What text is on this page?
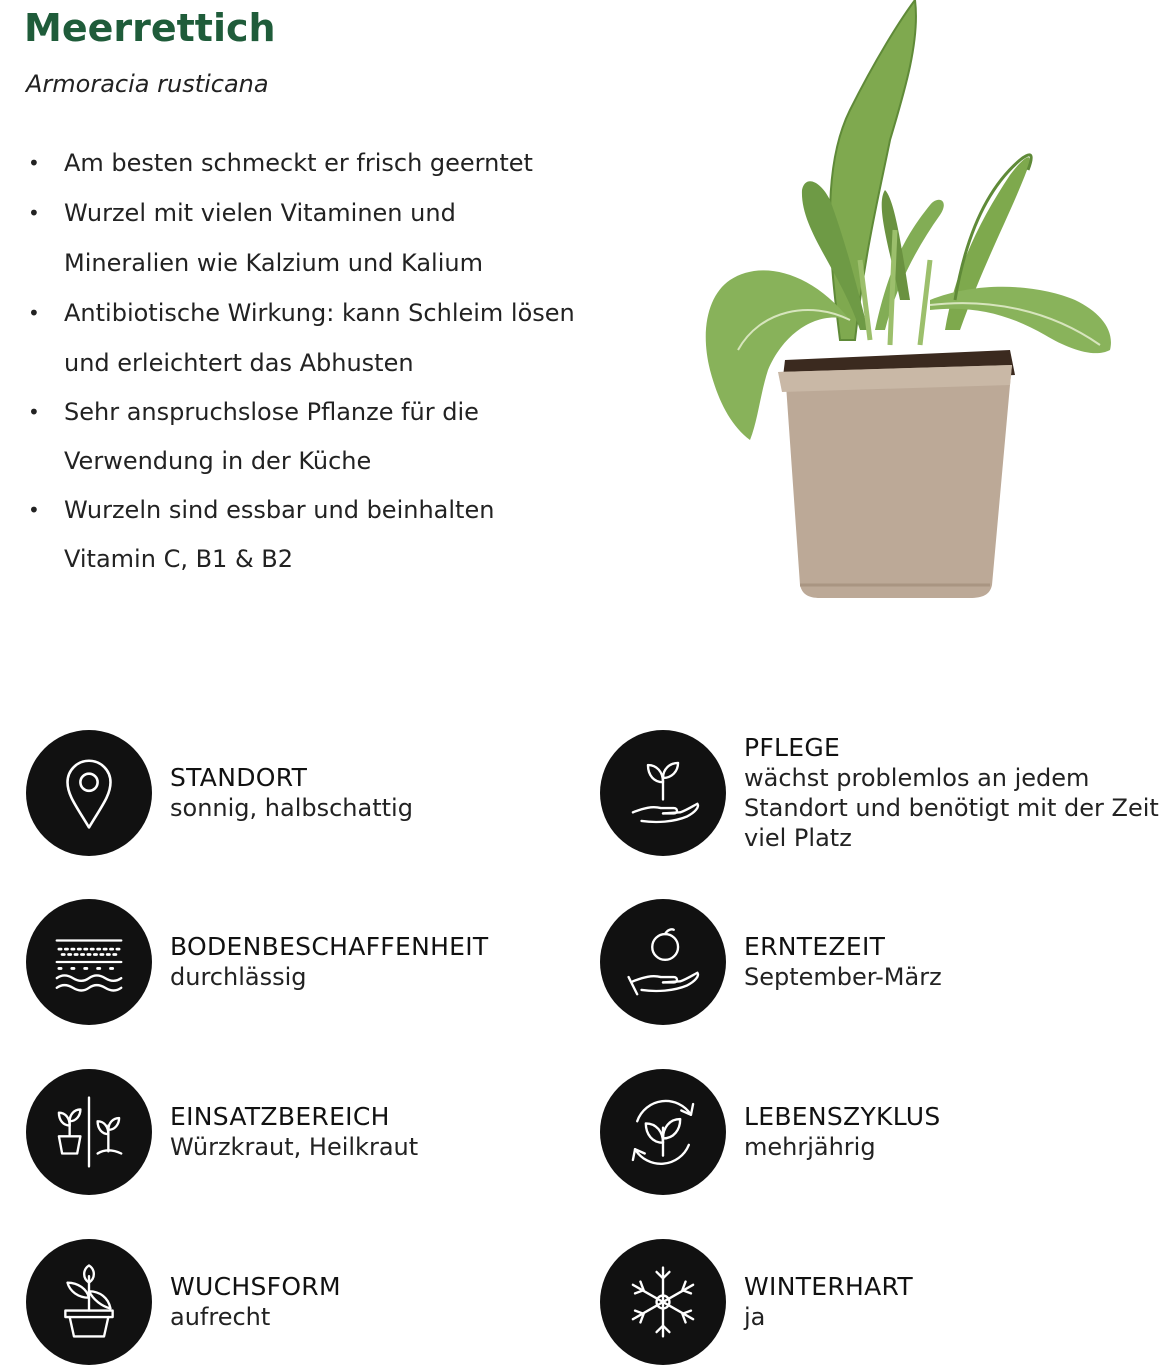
Meerrettich
Armoracia rusticana
• Am besten schmeckt er frisch geerntet
• Wurzel mit vielen Vitaminen und
Mineralien wie Kalzium und Kalium
• Antibiotische Wirkung: kann Schleim lösen
und erleichtert das Abhusten
• Sehr anspruchslose Pflanze für die
Verwendung in der Küche
• Wurzeln sind essbar und beinhalten
Vitamin C, B1 & B2
STANDORT
sonnig, halbschattig
PFLEGE
wächst problemlos an jedem
Standort und benötigt mit der Zeit
viel Platz
BODENBESCHAFFENHEIT
durchlässig
ERNTEZEIT
September-März
EINSATZBEREICH
Würzkraut, Heilkraut
LEBENSZYKLUS
mehrjährig
WUCHSFORM
aufrecht
WINTERHART
ja
